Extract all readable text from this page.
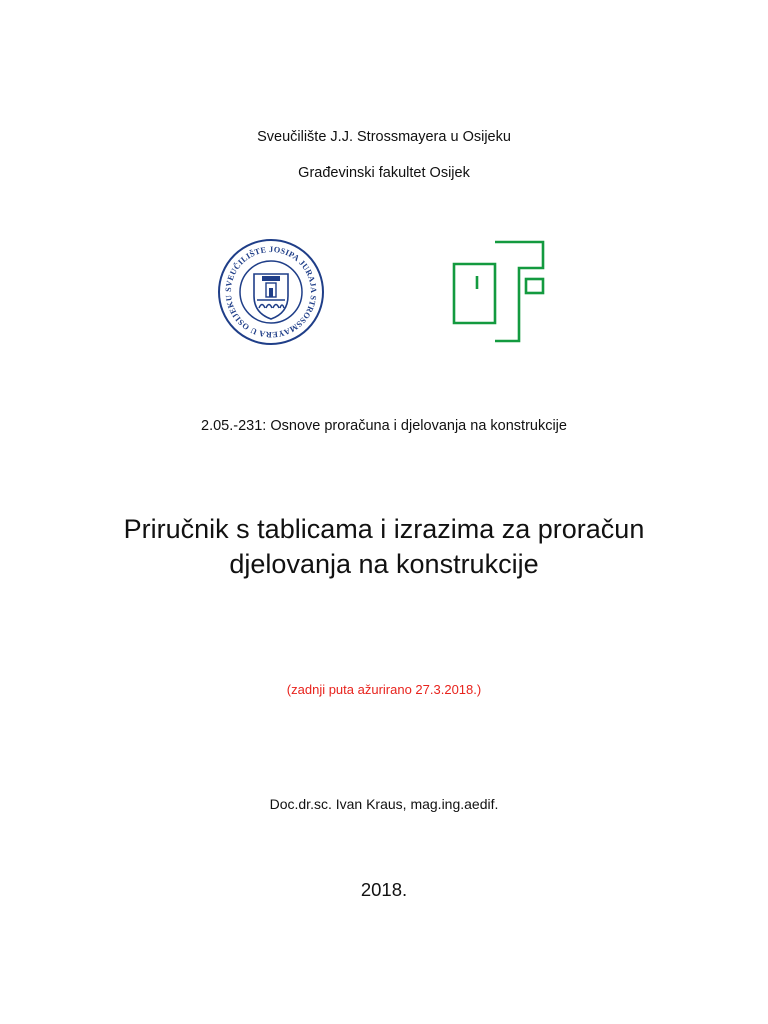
Sveučilište J.J. Strossmayera u Osijeku

Građevinski fakultet Osijek

SVEUČILIŠTE JOSIPA JURAJA STROSSMAYERA U OSIJEKU

2.05.-231: Osnove proračuna i djelovanja na konstrukcije

Priručnik s tablicama i izrazima za proračun
djelovanja na konstrukcije

(zadnji puta ažurirano 27.3.2018.)

Doc.dr.sc. Ivan Kraus, mag.ing.aedif.

2018.
